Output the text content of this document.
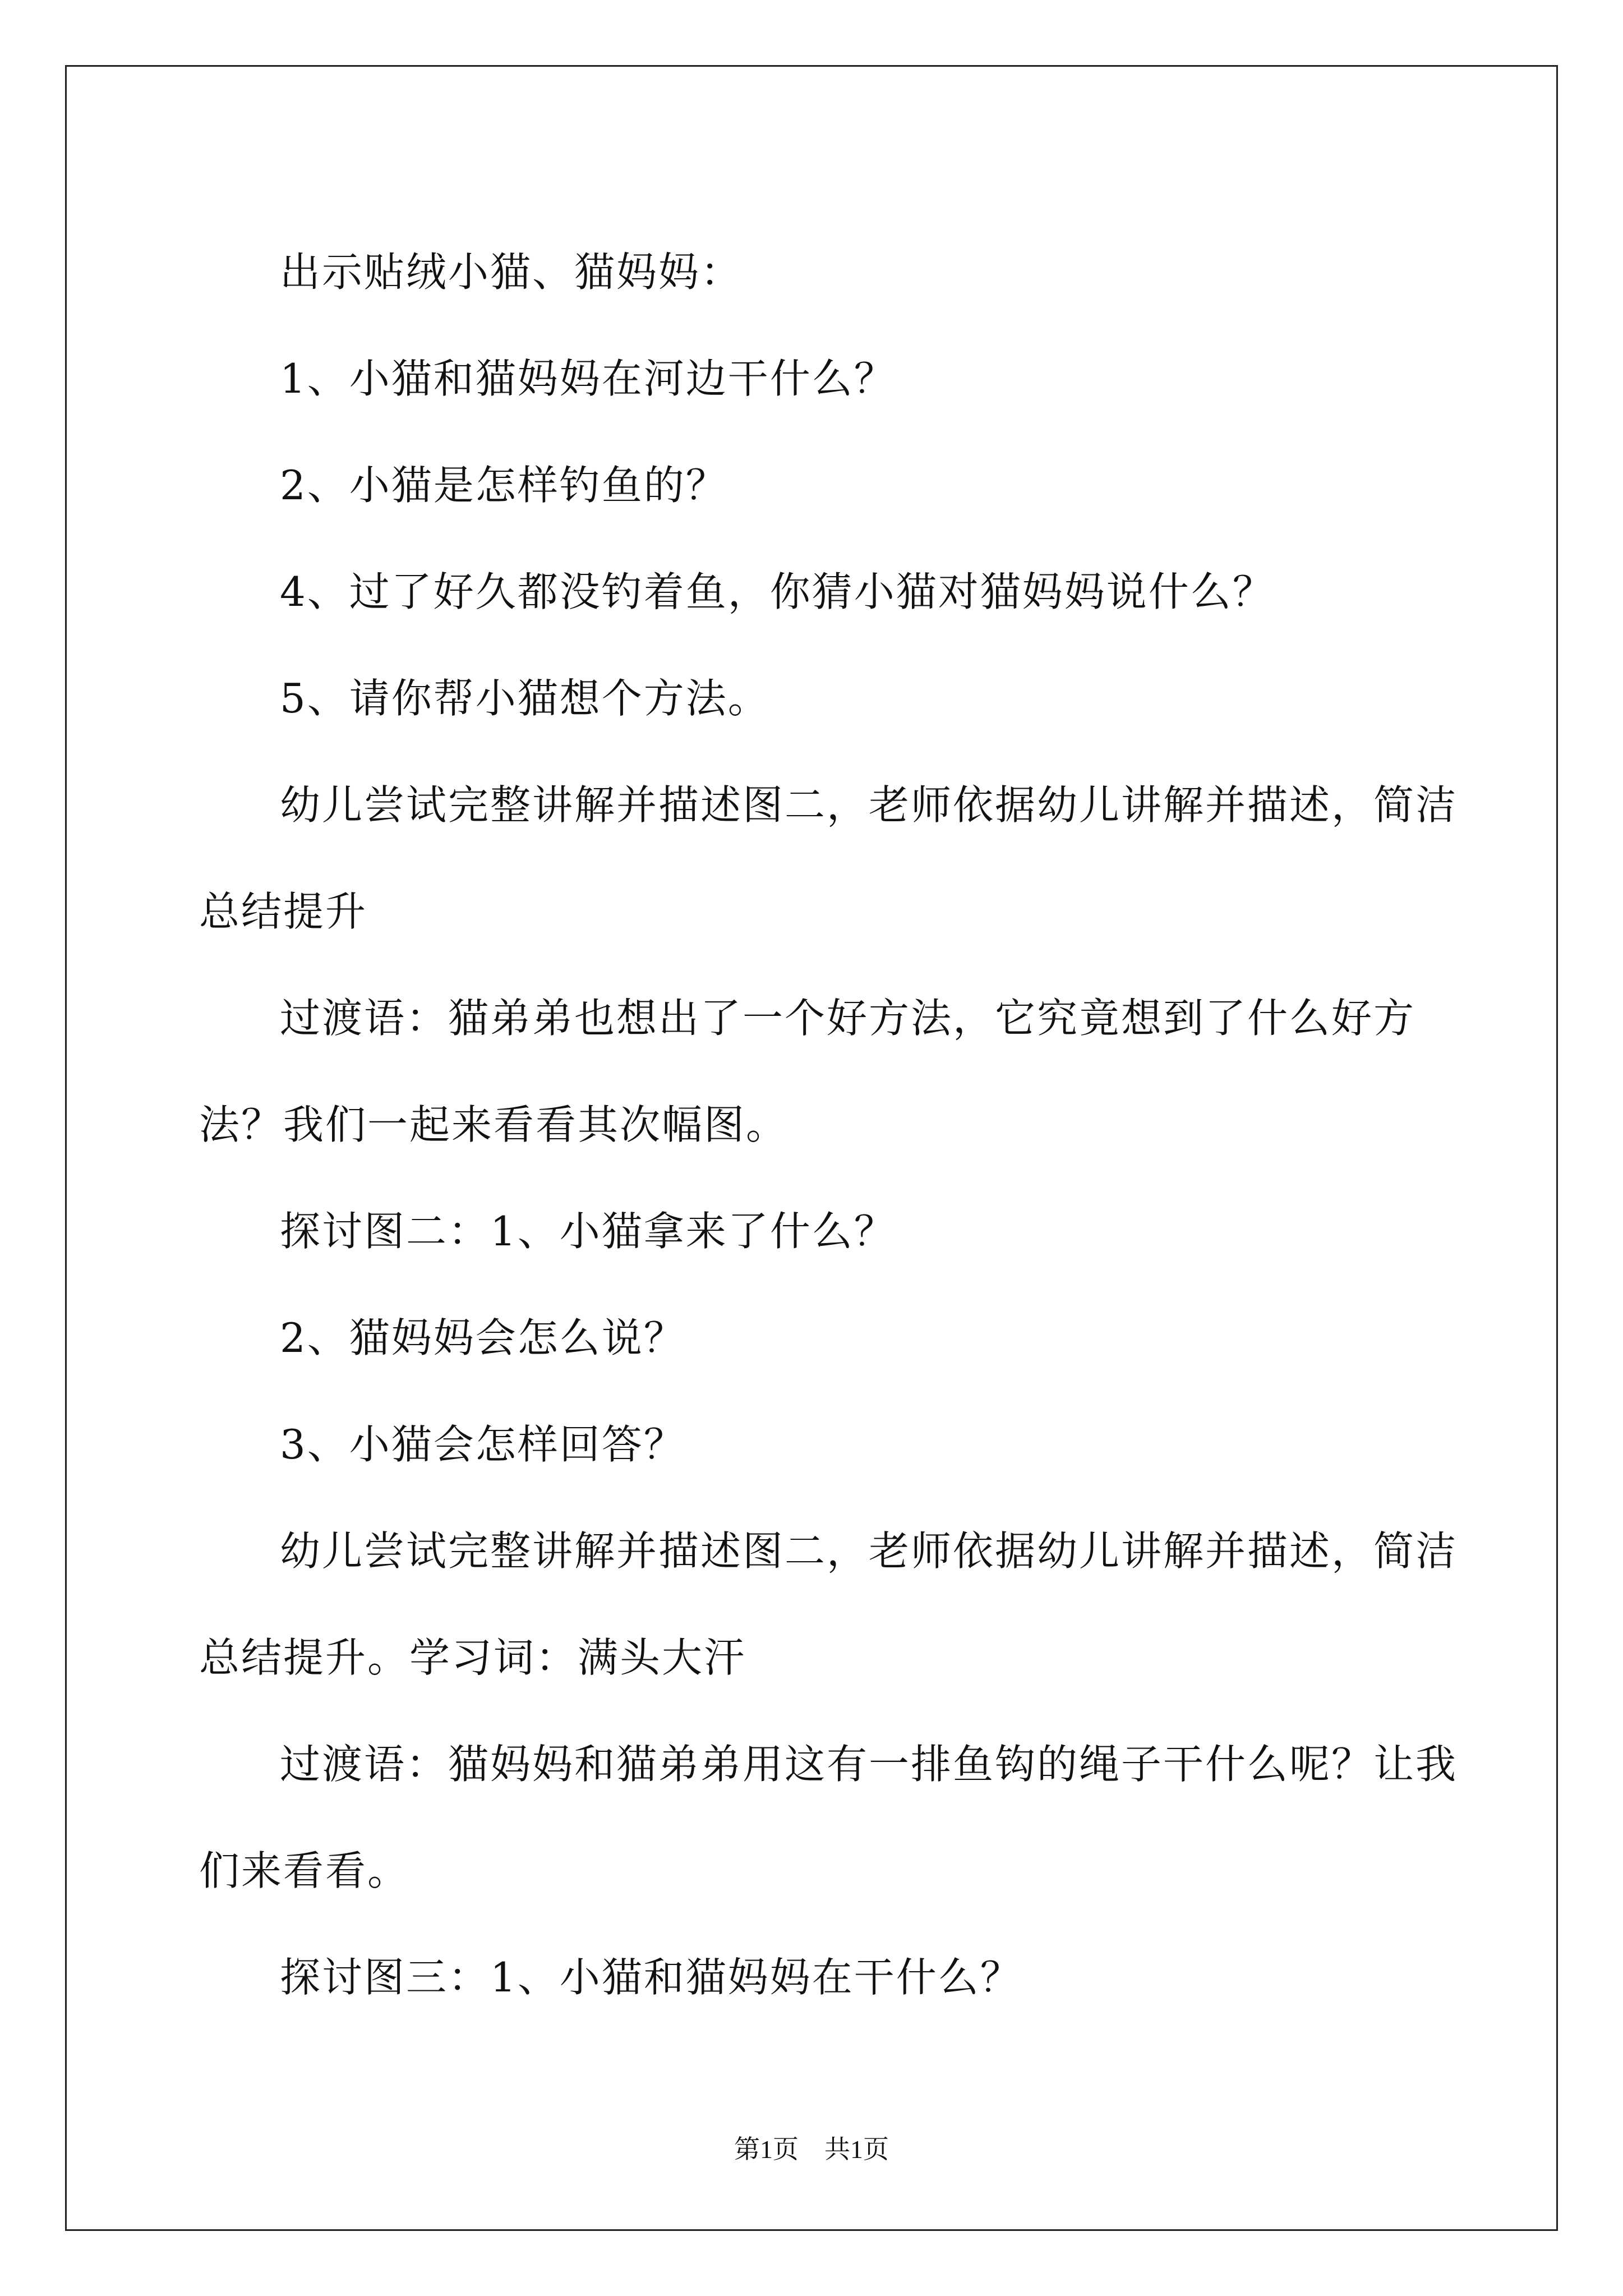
出示贴绒小猫、猫妈妈：

1、小猫和猫妈妈在河边干什么？

2、小猫是怎样钓鱼的？

4、过了好久都没钓着鱼，你猜小猫对猫妈妈说什么？

5、请你帮小猫想个方法。

幼儿尝试完整讲解并描述图二，老师依据幼儿讲解并描述，简洁总结提升

过渡语：猫弟弟也想出了一个好方法，它究竟想到了什么好方法？我们一起来看看其次幅图。

探讨图二：1、小猫拿来了什么？

2、猫妈妈会怎么说？

3、小猫会怎样回答？

幼儿尝试完整讲解并描述图二，老师依据幼儿讲解并描述，简洁总结提升。学习词：满头大汗

过渡语：猫妈妈和猫弟弟用这有一排鱼钩的绳子干什么呢？让我们来看看。

探讨图三：1、小猫和猫妈妈在干什么？

第1页 共1页
